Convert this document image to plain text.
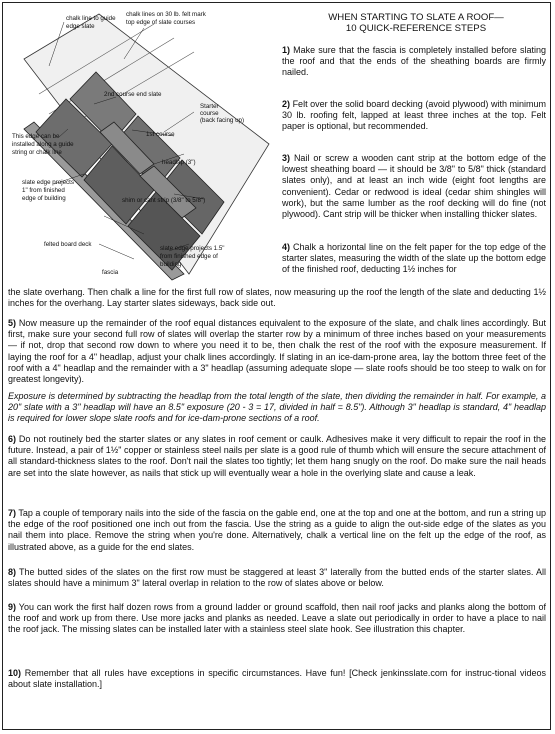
chalk line to guide
edge slate
chalk lines on 30 lb. felt mark
top edge of slate courses
2nd course end slate
Starter
course
(back facing up)
1st course
This edge can be
installed along a guide
string or chalk line
headlap (3")
slate edge projects
1" from finished
edge of building	shim or cant strip (3/8" to 5/8")
felted board deck
slate edge projects 1.5"
from finished edge of
building
fascia
WHEN STARTING TO SLATE A ROOF—
10 QUICK-REFERENCE STEPS

1) Make sure that the fascia is completely installed before slating the roof and that the ends of the sheathing boards are firmly nailed.

2) Felt over the solid board decking (avoid plywood) with minimum 30 lb. roofing felt, lapped at least three inches at the top. Felt paper is optional, but recommended.

3) Nail or screw a wooden cant strip at the bottom edge of the lowest sheathing board — it should be 3/8" to 5/8" thick (standard slates only), and at least an inch wide (eight foot lengths are convenient). Cedar or redwood is ideal (cedar shim shingles will work), but the same lumber as the roof decking will do fine (not plywood). Cant strip will be thicker when installing thicker slates.

4) Chalk a horizontal line on the felt paper for the top edge of the starter slates, measuring the width of the slate up the bottom edge of the finished roof, deducting 1½ inches for

the slate overhang. Then chalk a line for the first full row of slates, now measuring up the roof the length of the slate and deducting 1½ inches for the overhang. Lay starter slates sideways, back side out.

5) Now measure up the remainder of the roof equal distances equivalent to the exposure of the slate, and chalk lines accordingly. But first, make sure your second full row of slates will overlap the starter row by a minimum of three inches based on your measurements — if not, drop that second row down to where you need it to be, then chalk the rest of the roof with the exposure measurement. If laying the roof for a 4" headlap, adjust your chalk lines accordingly. If slating in an ice-dam-prone area, lay the bottom three feet of the roof with a 4" headlap and the remainder with a 3" headlap (assuming adequate slope — slate roofs should be too steep to walk on for greatest longevity).

Exposure is determined by subtracting the headlap from the total length of the slate, then dividing the remainder in half. For example, a 20" slate with a 3" headlap will have an 8.5" exposure (20 - 3 = 17, divided in half = 8.5"). Although 3" headlap is standard, 4" headlap is required for lower slope slate roofs and for ice-dam-prone sections of a roof.

6) Do not routinely bed the starter slates or any slates in roof cement or caulk. Adhesives make it very difficult to repair the roof in the future. Instead, a pair of 1½" copper or stainless steel nails per slate is a good rule of thumb which will ensure the secure attachment of all standard-thickness slates to the roof. Don't nail the slates too tightly; let them hang snugly on the roof. Do make sure the nail heads are set into the slate however, as nails that stick up will eventually wear a hole in the overlying slate and cause a leak.

7) Tap a couple of temporary nails into the side of the fascia on the gable end, one at the top and one at the bottom, and run a string up the edge of the roof positioned one inch out from the fascia. Use the string as a guide to align the out-side edge of the slates as you nail them into place. Remove the string when you're done. Alternatively, chalk a vertical line on the felt up the edge of the roof, as illustrated above, as a guide for the end slates.

8) The butted sides of the slates on the first row must be staggered at least 3" laterally from the butted ends of the starter slates. All slates should have a minimum 3" lateral overlap in relation to the row of slates above or below.

9) You can work the first half dozen rows from a ground ladder or ground scaffold, then nail roof jacks and planks along the bottom of the roof and work up from there. Use more jacks and planks as needed. Leave a slate out periodically in order to have a place to nail the roof jack. The missing slates can be installed later with a stainless steel slate hook. See illustration this chapter.

10) Remember that all rules have exceptions in specific circumstances. Have fun! [Check jenkinsslate.com for instruc-tional videos about slate installation.]
